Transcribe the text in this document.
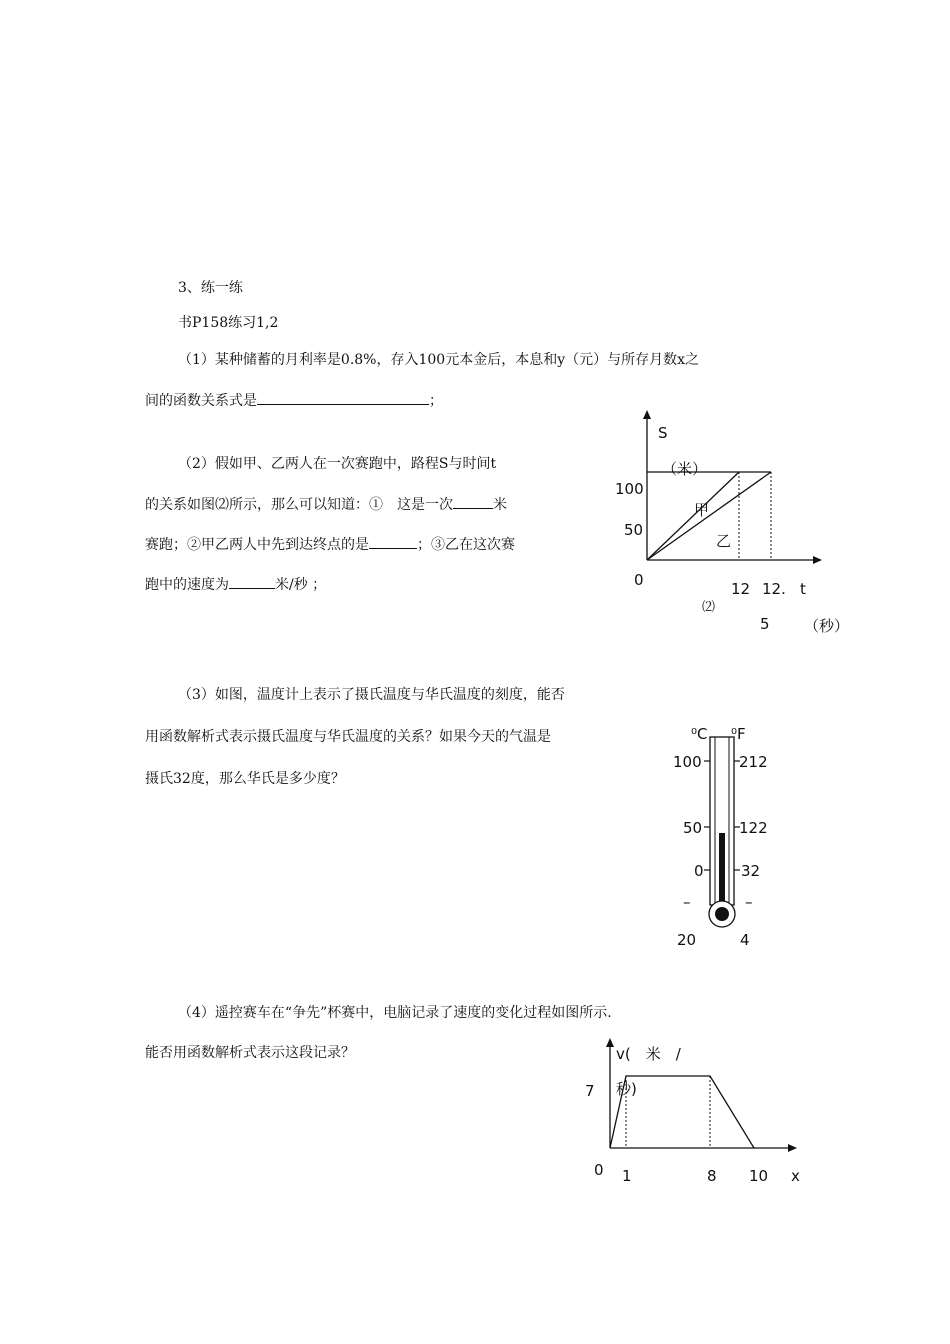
3、练一练
书P158练习1,2
（1）某种储蓄的月利率是0.8%，存入100元本金后，本息和y（元）与所存月数x之
间的函数关系式是	；
（2）假如甲、乙两人在一次赛跑中，路程S与时间t
的关系如图⑵所示，那么可以知道：①　这是一次	米
赛跑；②甲乙两人中先到达终点的是	；③乙在这次赛
跑中的速度为	米/秒 ；
S
（米）
100
50
0
甲
乙
12 12. t
⑵
5 （秒）
（3）如图，温度计上表示了摄氏温度与华氏温度的刻度，能否
用函数解析式表示摄氏温度与华氏温度的关系？如果今天的气温是
摄氏32度，那么华氏是多少度？
⁰C ⁰F
100 212
50 122
0 32
–	–
20	4
（4）遥控赛车在“争先”杯赛中，电脑记录了速度的变化过程如图所示.
能否用函数解析式表示这段记录？	v(　米　/
秒)
7
0 1	8 10 x
